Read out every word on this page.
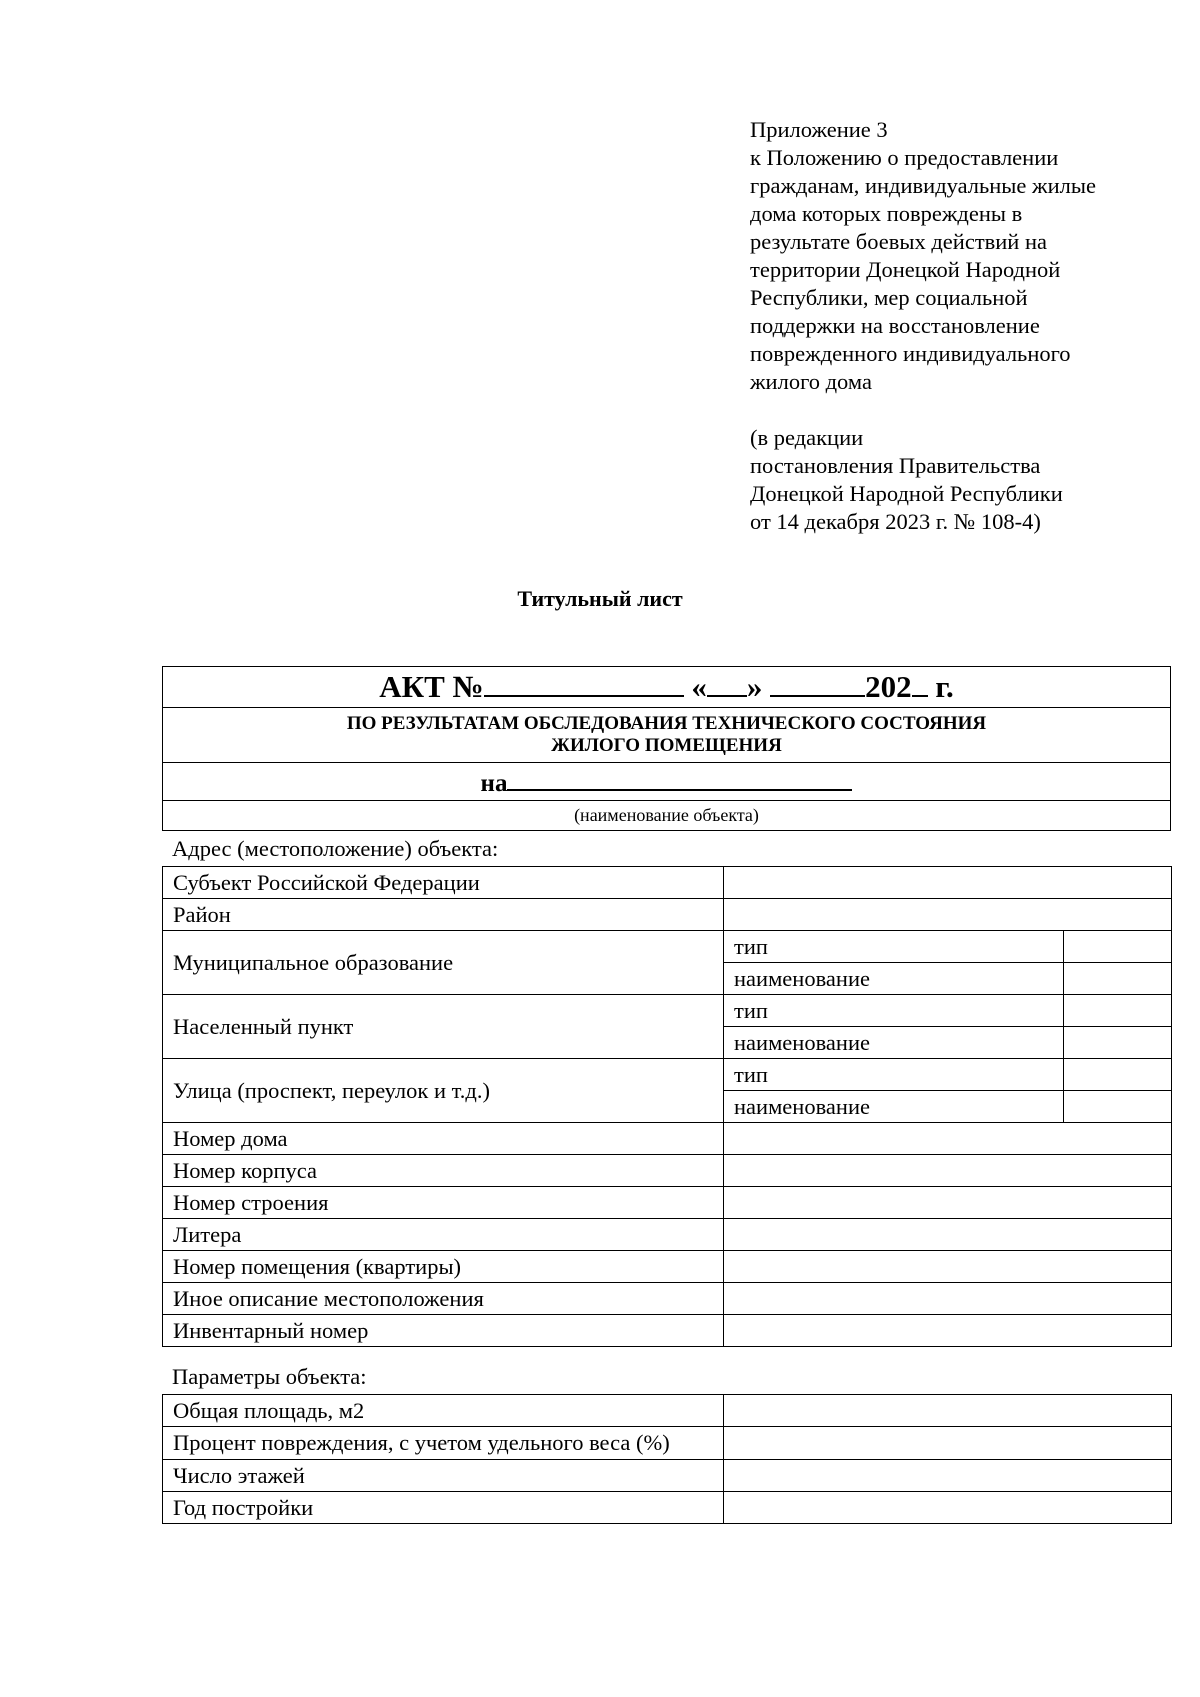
Приложение 3
к Положению о предоставлении
гражданам, индивидуальные жилые
дома которых повреждены в
результате боевых действий на
территории Донецкой Народной
Республики, мер социальной
поддержки на восстановление
поврежденного индивидуального
жилого дома
(в редакции
постановления Правительства
Донецкой Народной Республики
от 14 декабря 2023 г. № 108-4)
Титульный лист
АКТ №	« »	202 г.

ПО РЕЗУЛЬТАТАМ ОБСЛЕДОВАНИЯ ТЕХНИЧЕСКОГО СОСТОЯНИЯ
ЖИЛОГО ПОМЕЩЕНИЯ

на
(наименование объекта)
Адрес (местоположение) объекта:
Субъект Российской Федерации		
Район		
Муниципальное образование	тип	
	наименование	
Населенный пункт	тип	
	наименование	
Улица (проспект, переулок и т.д.)	тип	
	наименование	
Номер дома		
Номер корпуса		
Номер строения		
Литера		
Номер помещения (квартиры)		
Иное описание местоположения		
Инвентарный номер		
Параметры объекта:
Общая площадь, м2	
Процент повреждения, с учетом удельного веса (%)	
Число этажей	
Год постройки	
